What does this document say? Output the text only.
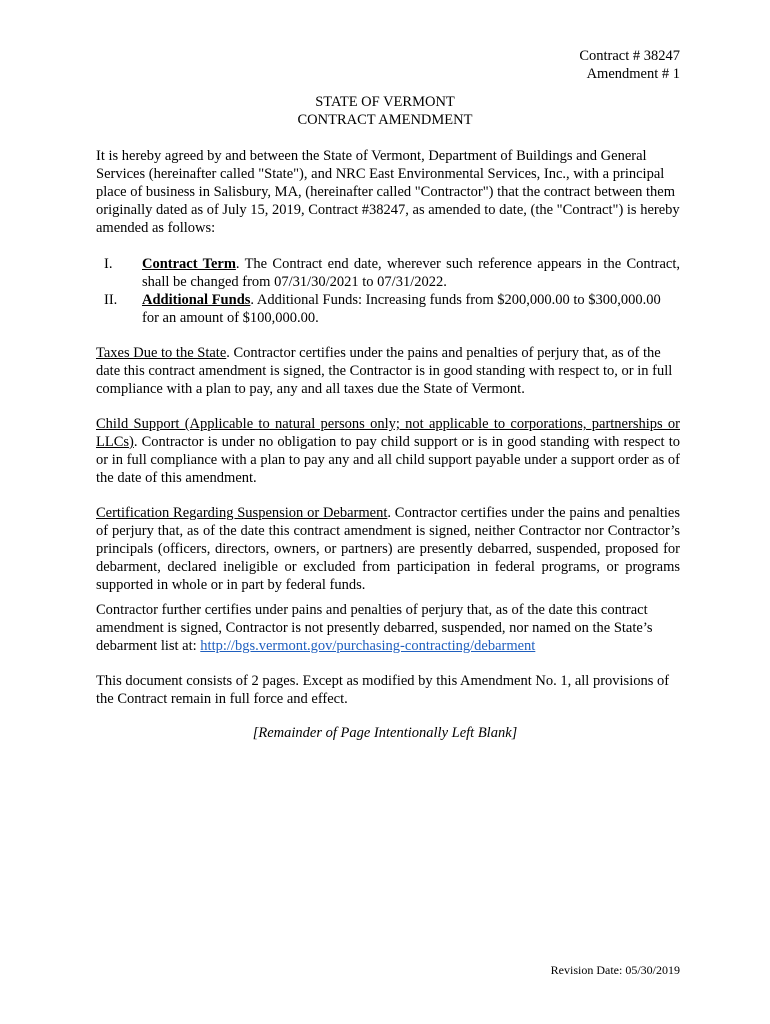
Contract # 38247
Amendment # 1
STATE OF VERMONT
CONTRACT AMENDMENT

It is hereby agreed by and between the State of Vermont, Department of Buildings and General Services (hereinafter called "State"), and NRC East Environmental Services, Inc., with a principal place of business in Salisbury, MA, (hereinafter called "Contractor") that the contract between them originally dated as of July 15, 2019, Contract #38247, as amended to date, (the "Contract") is hereby amended as follows:

I. Contract Term. The Contract end date, wherever such reference appears in the Contract, shall be changed from 07/31/30/2021 to 07/31/2022.
II. Additional Funds. Additional Funds: Increasing funds from $200,000.00 to $300,000.00 for an amount of $100,000.00.

Taxes Due to the State. Contractor certifies under the pains and penalties of perjury that, as of the date this contract amendment is signed, the Contractor is in good standing with respect to, or in full compliance with a plan to pay, any and all taxes due the State of Vermont.

Child Support (Applicable to natural persons only; not applicable to corporations, partnerships or LLCs). Contractor is under no obligation to pay child support or is in good standing with respect to or in full compliance with a plan to pay any and all child support payable under a support order as of the date of this amendment.

Certification Regarding Suspension or Debarment. Contractor certifies under the pains and penalties of perjury that, as of the date this contract amendment is signed, neither Contractor nor Contractor’s principals (officers, directors, owners, or partners) are presently debarred, suspended, proposed for debarment, declared ineligible or excluded from participation in federal programs, or programs supported in whole or in part by federal funds.

Contractor further certifies under pains and penalties of perjury that, as of the date this contract amendment is signed, Contractor is not presently debarred, suspended, nor named on the State’s debarment list at: http://bgs.vermont.gov/purchasing-contracting/debarment

This document consists of 2 pages. Except as modified by this Amendment No. 1, all provisions of the Contract remain in full force and effect.

[Remainder of Page Intentionally Left Blank]
Revision Date: 05/30/2019
